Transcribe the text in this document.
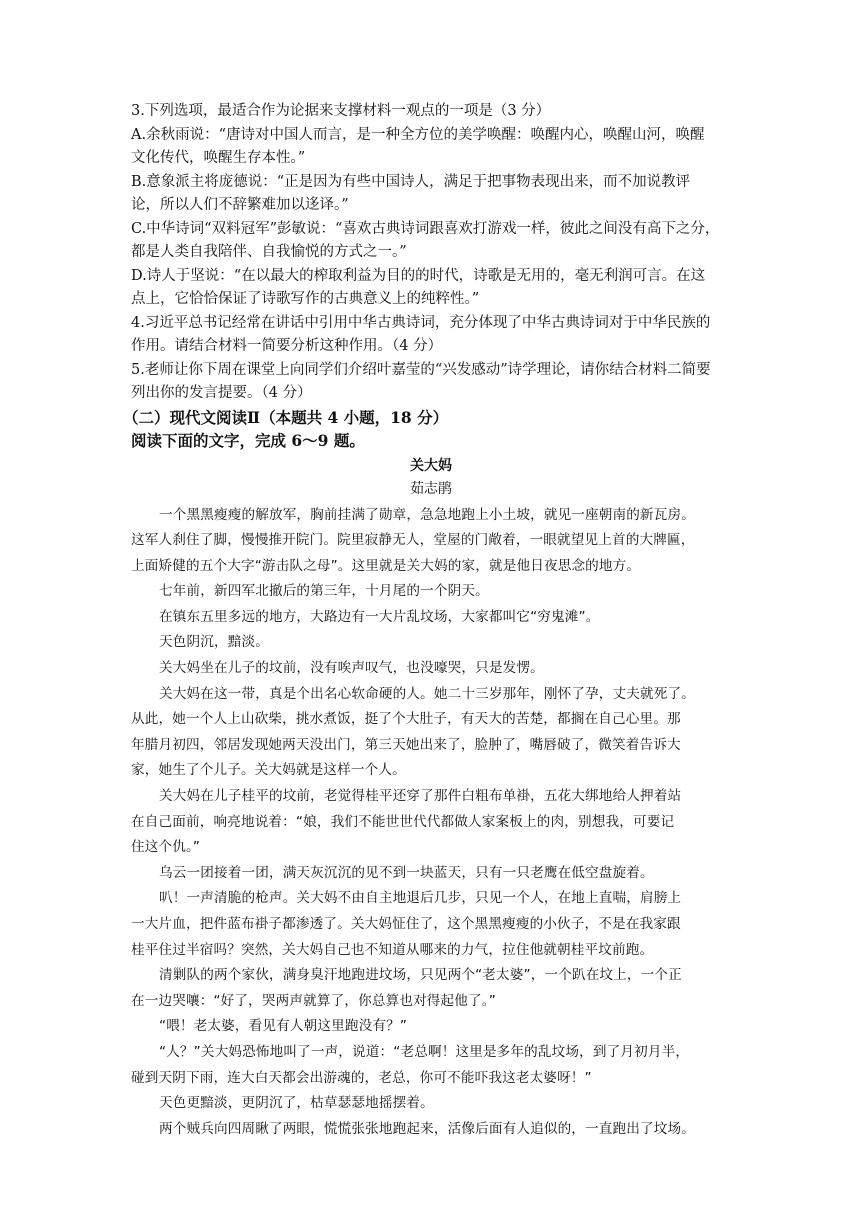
3.下列选项，最适合作为论据来支撑材料一观点的一项是（3 分）

A.余秋雨说：“唐诗对中国人而言，是一种全方位的美学唤醒：唤醒内心，唤醒山河，唤醒

文化传代，唤醒生存本性。”

B.意象派主将庞德说：“正是因为有些中国诗人，满足于把事物表现出来，而不加说教评

论，所以人们不辞繁难加以迻译。”

C.中华诗词“双料冠军”彭敏说：“喜欢古典诗词跟喜欢打游戏一样，彼此之间没有高下之分，

都是人类自我陪伴、自我愉悦的方式之一。”

D.诗人于坚说：“在以最大的榨取利益为目的的时代，诗歌是无用的，毫无利润可言。在这

点上，它恰恰保证了诗歌写作的古典意义上的纯粹性。”

4.习近平总书记经常在讲话中引用中华古典诗词，充分体现了中华古典诗词对于中华民族的

作用。请结合材料一简要分析这种作用。（4 分）

5.老师让你下周在课堂上向同学们介绍叶嘉莹的“兴发感动”诗学理论，请你结合材料二简要

列出你的发言提要。（4 分）

（二）现代文阅读Ⅱ（本题共 4 小题，18 分）

阅读下面的文字，完成 6～9 题。

关大妈

茹志鹃

一个黑黑瘦瘦的解放军，胸前挂满了勋章，急急地跑上小土坡，就见一座朝南的新瓦房。

这军人刹住了脚，慢慢推开院门。院里寂静无人，堂屋的门敞着，一眼就望见上首的大牌匾，

上面矫健的五个大字“游击队之母”。这里就是关大妈的家，就是他日夜思念的地方。

七年前，新四军北撤后的第三年，十月尾的一个阴天。

在镇东五里多远的地方，大路边有一大片乱坟场，大家都叫它“穷鬼滩”。

天色阴沉，黯淡。

关大妈坐在儿子的坟前，没有唉声叹气，也没嚎哭，只是发愣。

关大妈在这一带，真是个出名心软命硬的人。她二十三岁那年，刚怀了孕，丈夫就死了。

从此，她一个人上山砍柴，挑水煮饭，挺了个大肚子，有天大的苦楚，都搁在自己心里。那

年腊月初四，邻居发现她两天没出门，第三天她出来了，脸肿了，嘴唇破了，微笑着告诉大

家，她生了个儿子。关大妈就是这样一个人。

关大妈在儿子桂平的坟前，老觉得桂平还穿了那件白粗布单褂，五花大绑地给人押着站

在自己面前，响亮地说着：“娘，我们不能世世代代都做人家案板上的肉，别想我，可要记

住这个仇。”

乌云一团接着一团，满天灰沉沉的见不到一块蓝天，只有一只老鹰在低空盘旋着。

叭！一声清脆的枪声。关大妈不由自主地退后几步，只见一个人，在地上直喘，肩膀上

一大片血，把件蓝布褂子都渗透了。关大妈怔住了，这个黑黑瘦瘦的小伙子，不是在我家跟

桂平住过半宿吗？突然，关大妈自己也不知道从哪来的力气，拉住他就朝桂平坟前跑。

清剿队的两个家伙，满身臭汗地跑进坟场，只见两个“老太婆”，一个趴在坟上，一个正

在一边哭嚷：“好了，哭两声就算了，你总算也对得起他了。”

“喂！老太婆，看见有人朝这里跑没有？”

“人？”关大妈恐怖地叫了一声，说道：“老总啊！这里是多年的乱坟场，到了月初月半，

碰到天阴下雨，连大白天都会出游魂的，老总，你可不能吓我这老太婆呀！”

天色更黯淡，更阴沉了，枯草瑟瑟地摇摆着。

两个贼兵向四周瞅了两眼，慌慌张张地跑起来，活像后面有人追似的，一直跑出了坟场。
